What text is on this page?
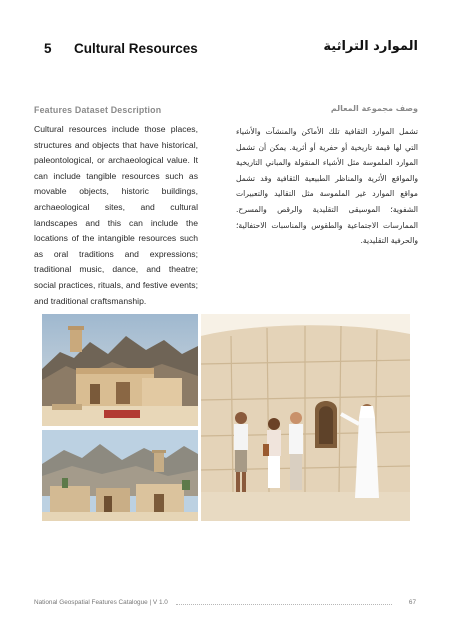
5 Cultural Resources	الموارد التراثية
Features Dataset Description	وصف مجموعة المعالم

Cultural resources include those places, structures and objects that have historical, paleontological, or archaeological value. It can include tangible resources such as movable objects, historic buildings, archaeological sites, and cultural landscapes and this can include the locations of the intangible resources such as oral traditions and expressions; traditional music, dance, and theatre; social practices, rituals, and festive events; and traditional craftsmanship.

تشمل الموارد الثقافية تلك الأماكن والمنشآت والأشياء التي لها قيمة تاريخية أو حفرية أو أثرية. يمكن أن تشمل الموارد الملموسة مثل الأشياء المنقولة والمباني التاريخية والمواقع الأثرية والمناظر الطبيعية الثقافية وقد تشمل مواقع الموارد غير الملموسة مثل التقاليد والتعبيرات الشفوية؛ الموسيقى التقليدية والرقص والمسرح. الممارسات الاجتماعية والطقوس والمناسبات الاحتفالية؛ والحرفية التقليدية.

National Geospatial Features Catalogue | V 1.0	67
